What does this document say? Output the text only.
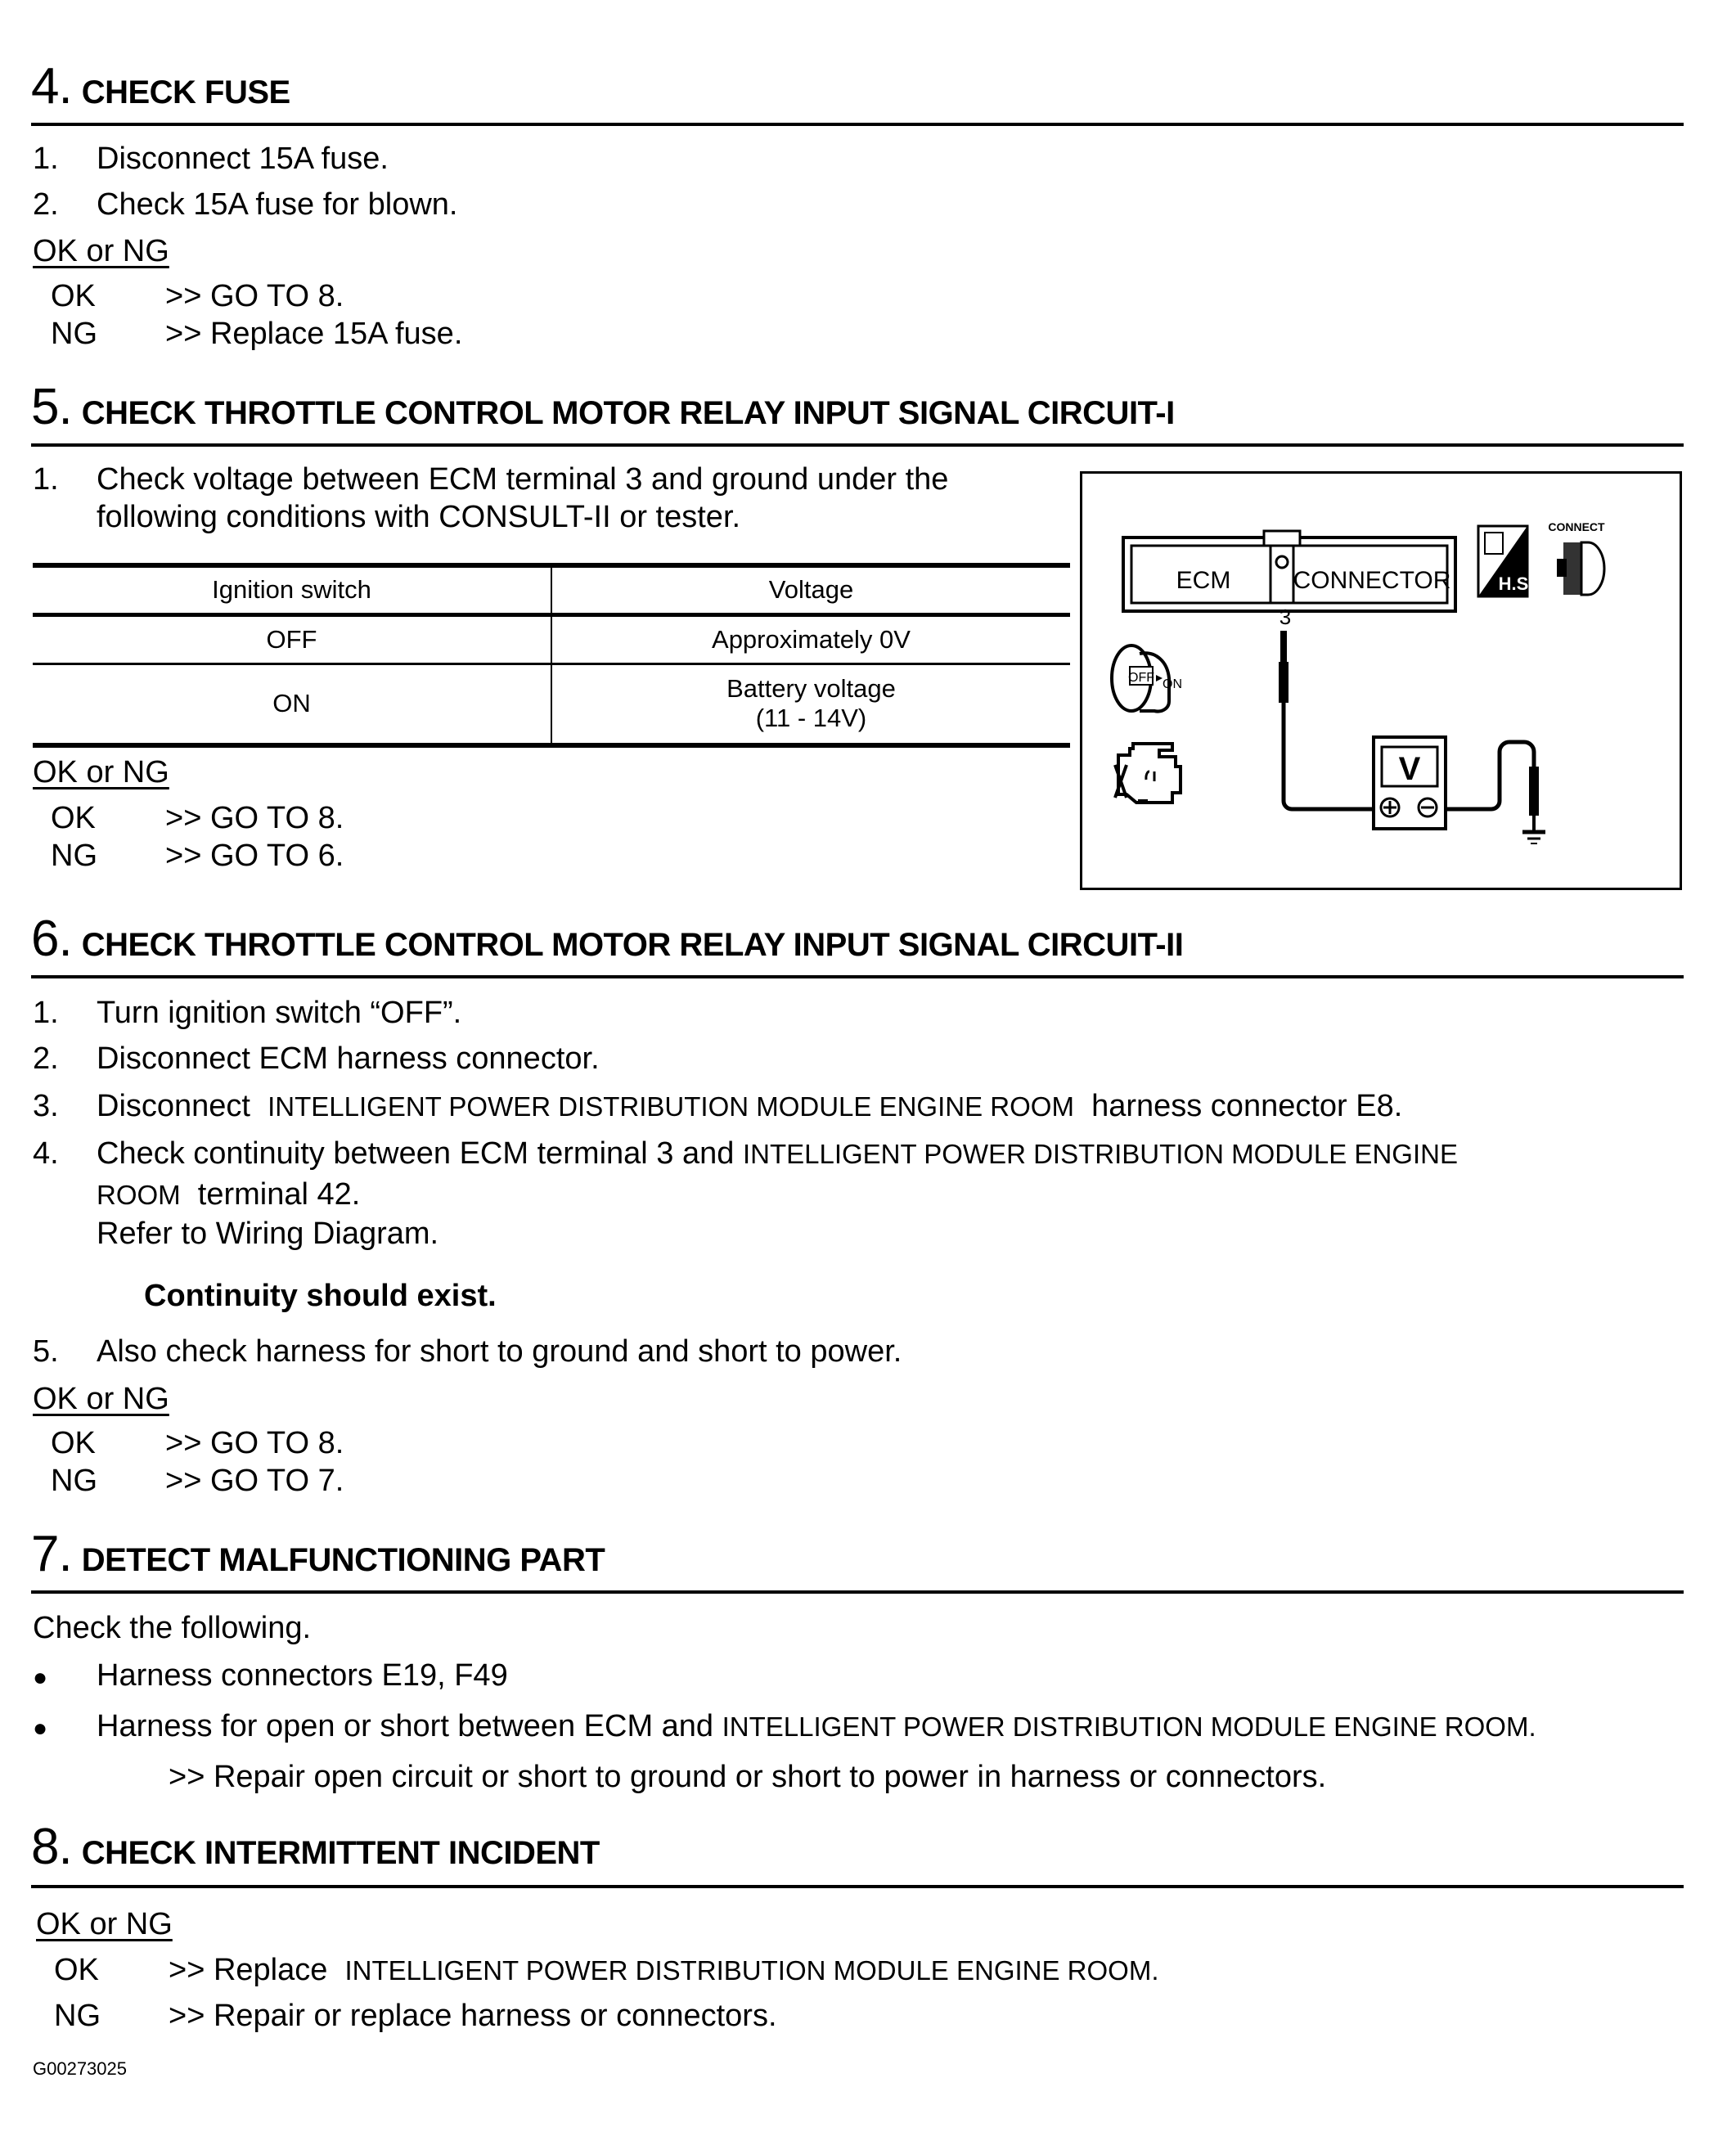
4. CHECK FUSE
1. Disconnect 15A fuse.
2. Check 15A fuse for blown.
OK or NG
OK >> GO TO 8.
NG >> Replace 15A fuse.
5. CHECK THROTTLE CONTROL MOTOR RELAY INPUT SIGNAL CIRCUIT-I
1. Check voltage between ECM terminal 3 and ground under the
following conditions with CONSULT-II or tester.
Ignition switch	Voltage
OFF	Approximately 0V
ON	Battery voltage
(11 - 14V)
OK or NG
OK >> GO TO 8.
NG >> GO TO 6.
ECM	CONNECTOR	H.S.
CONNECT
3
V
OFF ON
6. CHECK THROTTLE CONTROL MOTOR RELAY INPUT SIGNAL CIRCUIT-II
1. Turn ignition switch “OFF”.
2. Disconnect ECM harness connector.
3. Disconnect INTELLIGENT POWER DISTRIBUTION MODULE ENGINE ROOM harness connector E8.
4. Check continuity between ECM terminal 3 and INTELLIGENT POWER DISTRIBUTION MODULE ENGINE
ROOM terminal 42.
Refer to Wiring Diagram.
Continuity should exist.
5. Also check harness for short to ground and short to power.
OK or NG
OK >> GO TO 8.
NG >> GO TO 7.
7. DETECT MALFUNCTIONING PART
Check the following.
● Harness connectors E19, F49
● Harness for open or short between ECM and INTELLIGENT POWER DISTRIBUTION MODULE ENGINE ROOM.
>> Repair open circuit or short to ground or short to power in harness or connectors.
8. CHECK INTERMITTENT INCIDENT
OK or NG
OK >> Replace INTELLIGENT POWER DISTRIBUTION MODULE ENGINE ROOM.
NG >> Repair or replace harness or connectors.
G00273025
